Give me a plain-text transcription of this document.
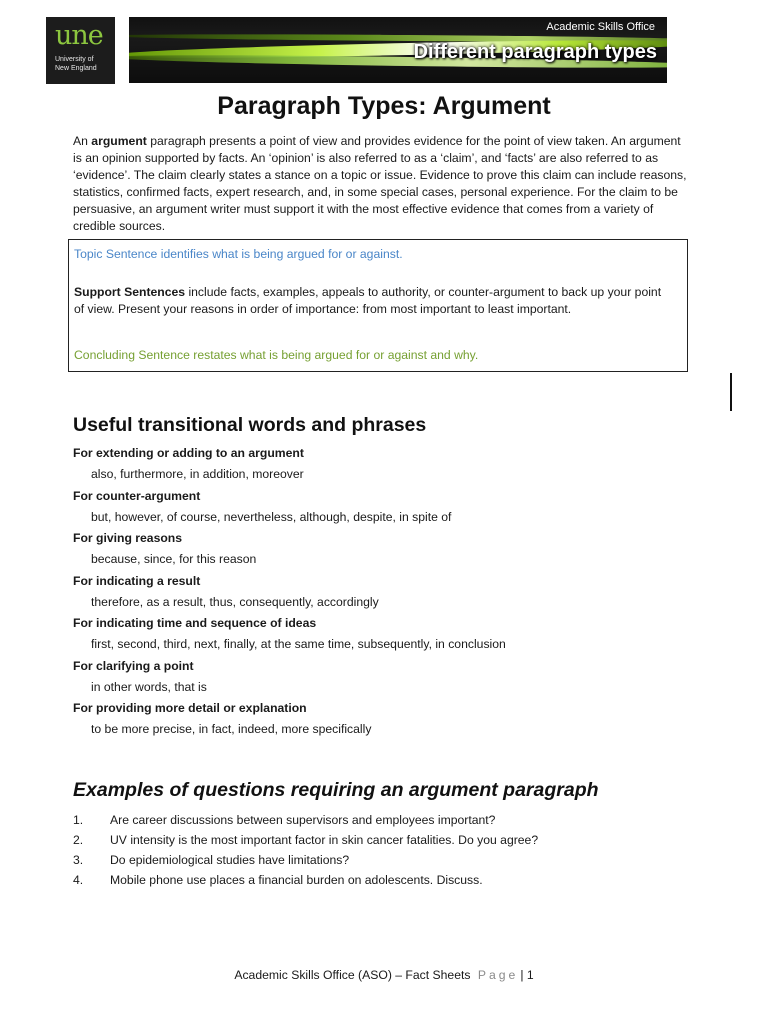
une
University of
New England
Academic Skills Office
Different paragraph types
Paragraph Types: Argument
An argument paragraph presents a point of view and provides evidence for the point of view taken. An argument is an opinion supported by facts. An ‘opinion’ is also referred to as a ‘claim’, and ‘facts’ are also referred to as ‘evidence’. The claim clearly states a stance on a topic or issue. Evidence to prove this claim can include reasons, statistics, confirmed facts, expert research, and, in some special cases, personal experience. For the claim to be persuasive, an argument writer must support it with the most effective evidence that comes from a variety of credible sources.
Topic Sentence identifies what is being argued for or against.
Support Sentences include facts, examples, appeals to authority, or counter-argument to back up your point of view. Present your reasons in order of importance: from most important to least important.
Concluding Sentence restates what is being argued for or against and why.
Useful transitional words and phrases
For extending or adding to an argument
also, furthermore, in addition, moreover
For counter-argument
but, however, of course, nevertheless, although, despite, in spite of
For giving reasons
because, since, for this reason
For indicating a result
therefore, as a result, thus, consequently, accordingly
For indicating time and sequence of ideas
first, second, third, next, finally, at the same time, subsequently, in conclusion
For clarifying a point
in other words, that is
For providing more detail or explanation
to be more precise, in fact, indeed, more specifically
Examples of questions requiring an argument paragraph
1. Are career discussions between supervisors and employees important?
2. UV intensity is the most important factor in skin cancer fatalities. Do you agree?
3. Do epidemiological studies have limitations?
4. Mobile phone use places a financial burden on adolescents. Discuss.
Academic Skills Office (ASO) – Fact Sheets Page | 1
